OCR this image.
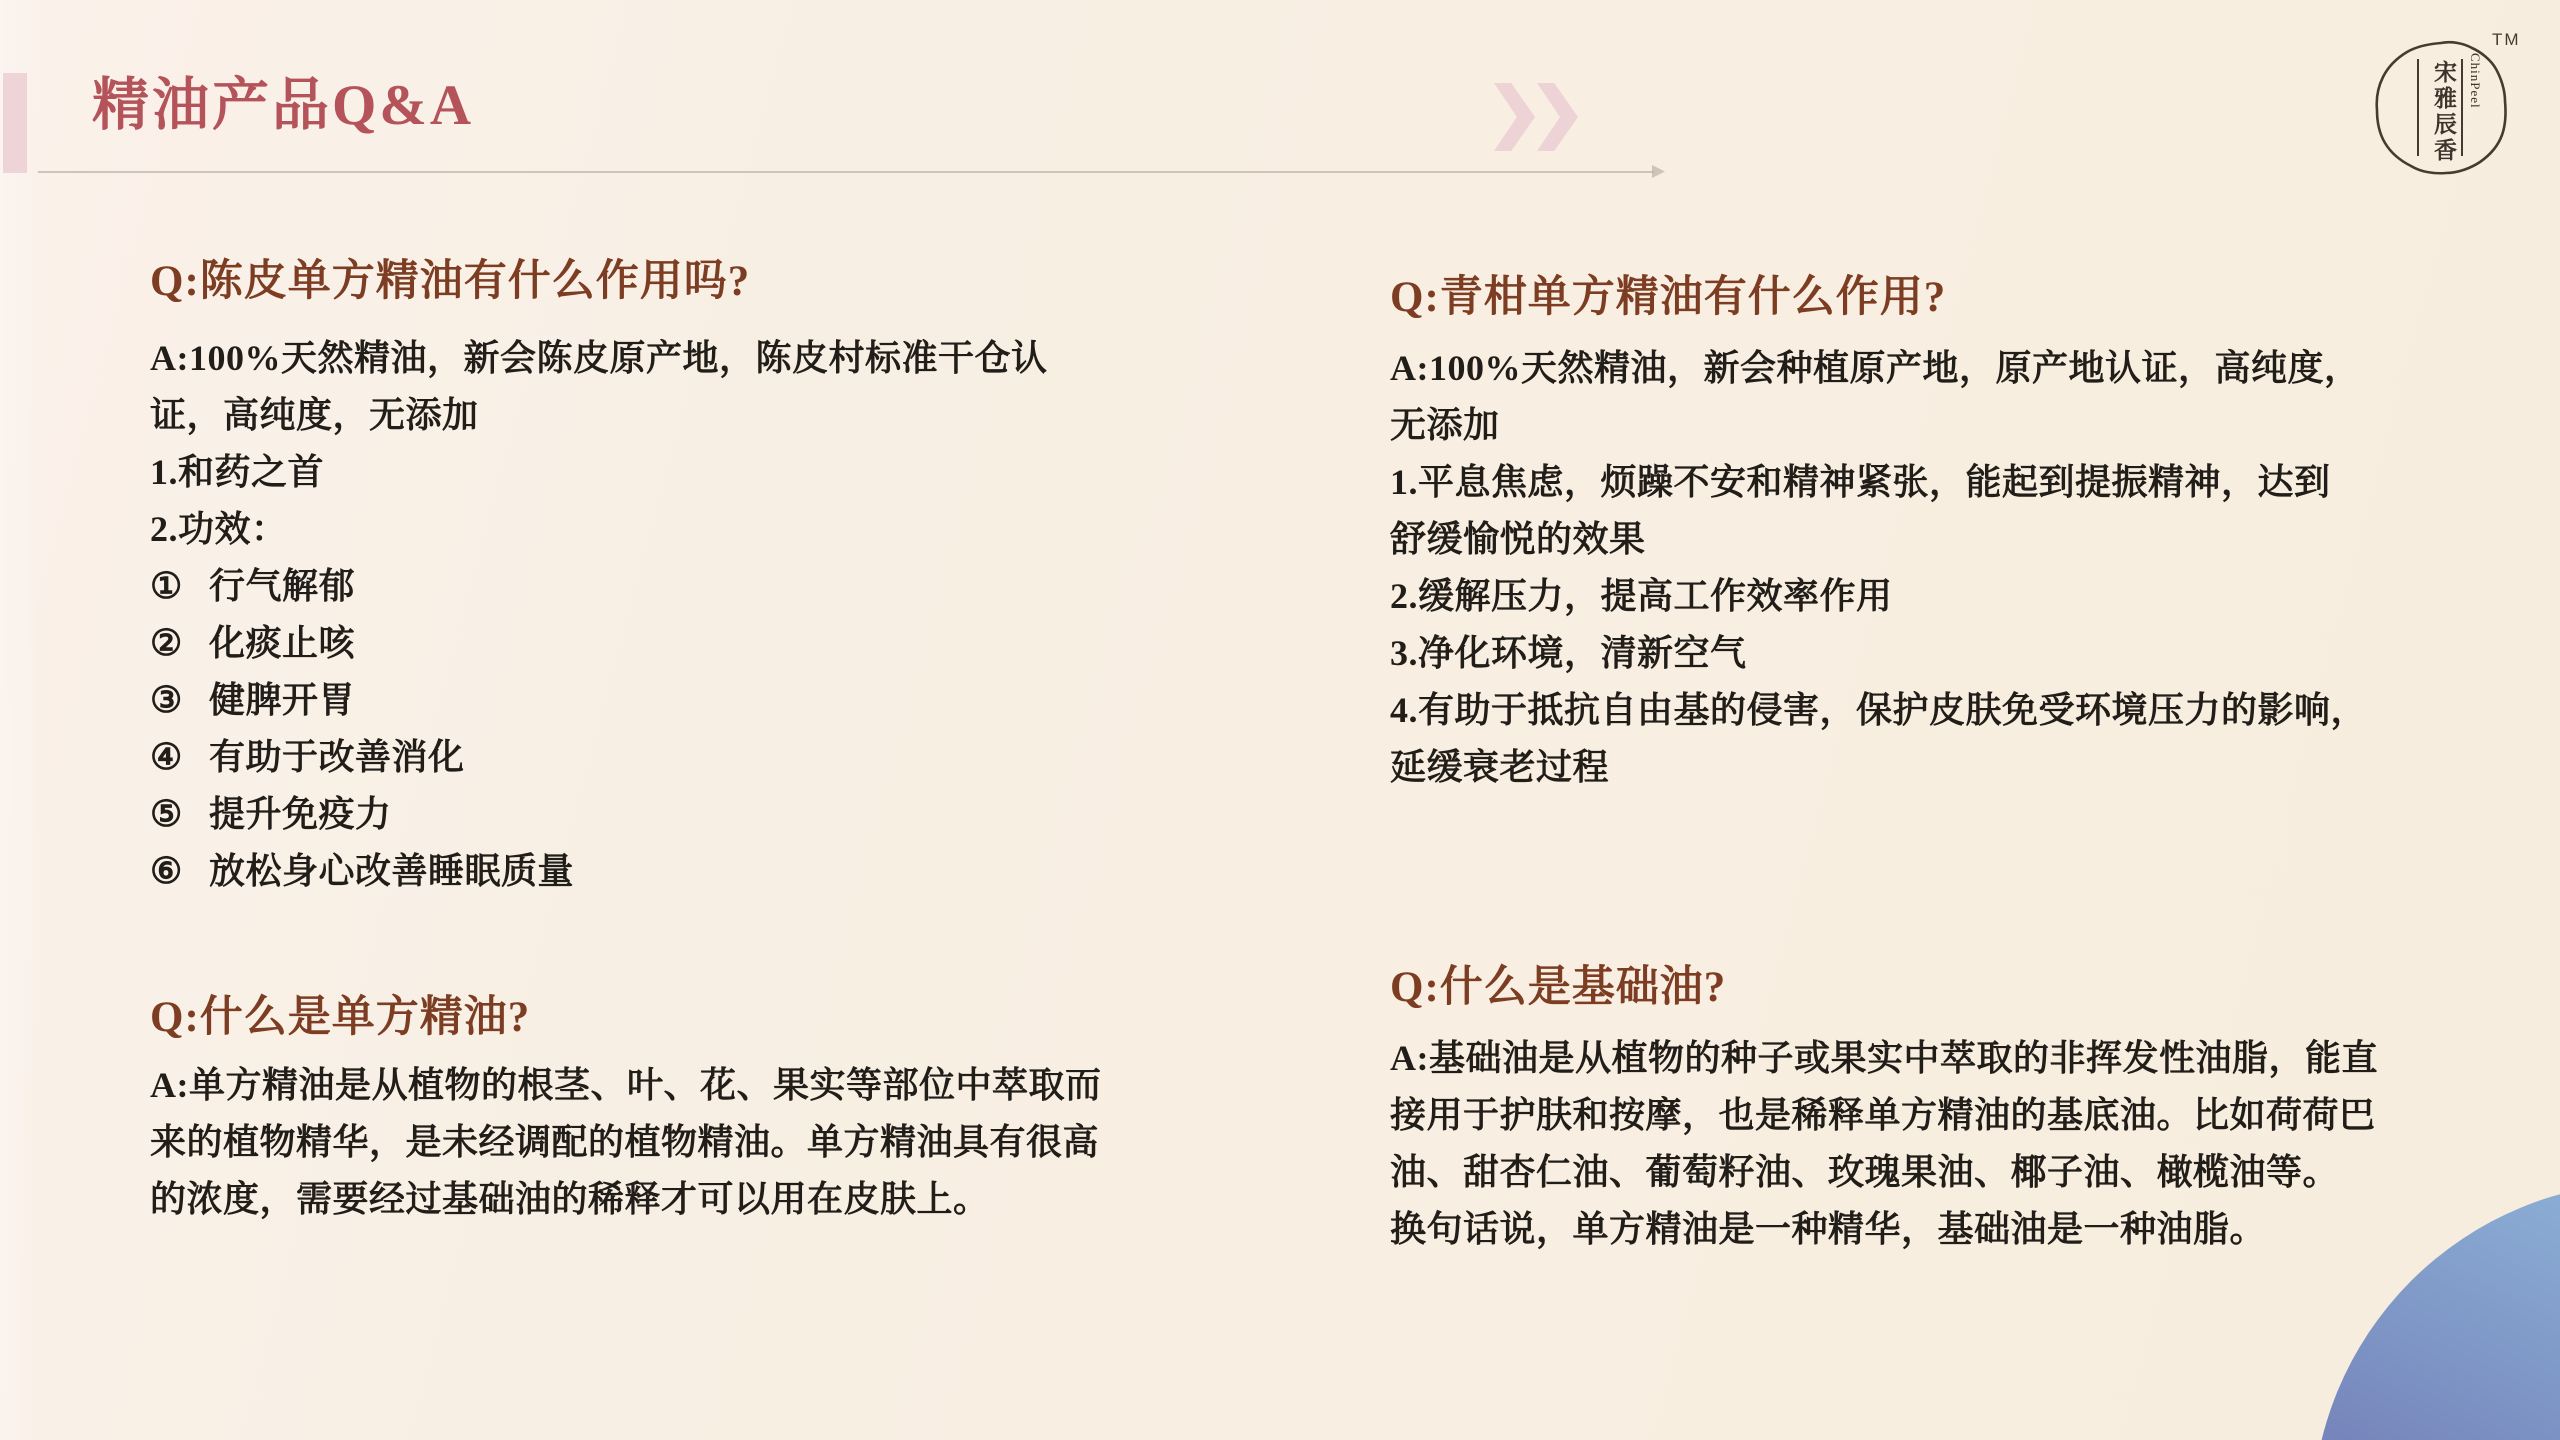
精油产品Q&A	宋雅辰香 ChinPeel
TM
Q:陈皮单方精油有什么作用吗?
A:100%天然精油，新会陈皮原产地，陈皮村标准干仓认
证，高纯度，无添加
1.和药之首
2.功效：
① 行气解郁
② 化痰止咳
③ 健脾开胃
④ 有助于改善消化
⑤ 提升免疫力
⑥ 放松身心改善睡眠质量
Q:什么是单方精油?
A:单方精油是从植物的根茎、叶、花、果实等部位中萃取而
来的植物精华，是未经调配的植物精油。单方精油具有很高
的浓度，需要经过基础油的稀释才可以用在皮肤上。
Q:青柑单方精油有什么作用?
A:100%天然精油，新会种植原产地，原产地认证，高纯度，
无添加
1.平息焦虑，烦躁不安和精神紧张，能起到提振精神，达到
舒缓愉悦的效果
2.缓解压力，提高工作效率作用
3.净化环境，清新空气
4.有助于抵抗自由基的侵害，保护皮肤免受环境压力的影响，
延缓衰老过程
Q:什么是基础油?
A:基础油是从植物的种子或果实中萃取的非挥发性油脂，能直
接用于护肤和按摩，也是稀释单方精油的基底油。比如荷荷巴
油、甜杏仁油、葡萄籽油、玫瑰果油、椰子油、橄榄油等。
换句话说，单方精油是一种精华，基础油是一种油脂。
